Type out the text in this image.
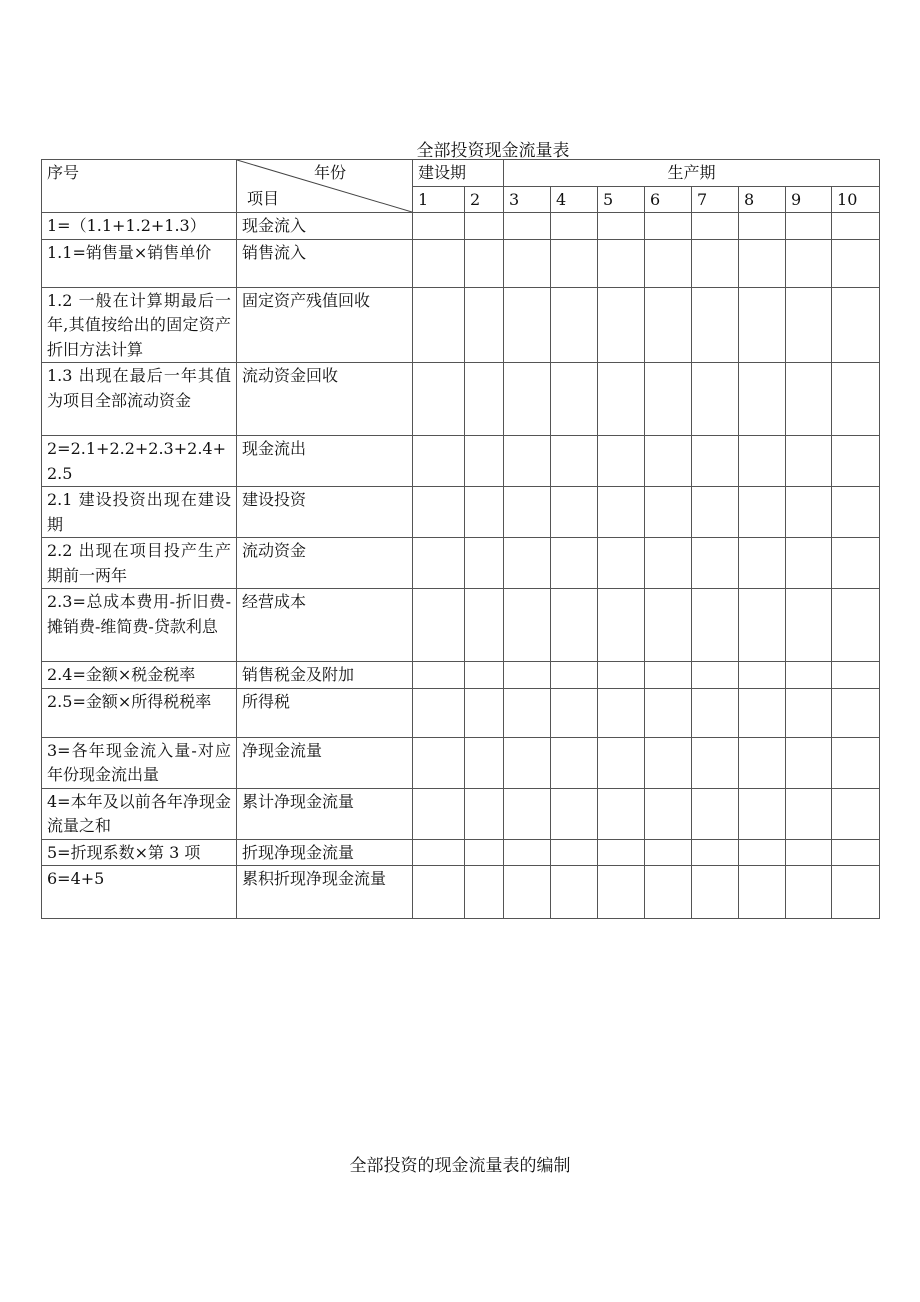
全部投资现金流量表
序号	年份
项目	建设期		生产期							
		1	2	3	4	5	6	7	8	9	10
1=（1.1+1.2+1.3）	现金流入										
1.1=销售量×销售单价	销售流入										
1.2 一般在计算期最后一年,其值按给出的固定资产折旧方法计算	固定资产残值回收										
1.3 出现在最后一年其值为项目全部流动资金	流动资金回收										
2=2.1+2.2+2.3+2.4+2.5	现金流出										
2.1 建设投资出现在建设期	建设投资										
2.2 出现在项目投产生产期前一两年	流动资金										
2.3=总成本费用-折旧费-摊销费-维简费-贷款利息	经营成本										
2.4=金额×税金税率	销售税金及附加										
2.5=金额×所得税税率	所得税										
3=各年现金流入量-对应年份现金流出量	净现金流量										
4=本年及以前各年净现金流量之和	累计净现金流量										
5=折现系数×第 3 项	折现净现金流量										
6=4+5	累积折现净现金流量										
全部投资的现金流量表的编制
